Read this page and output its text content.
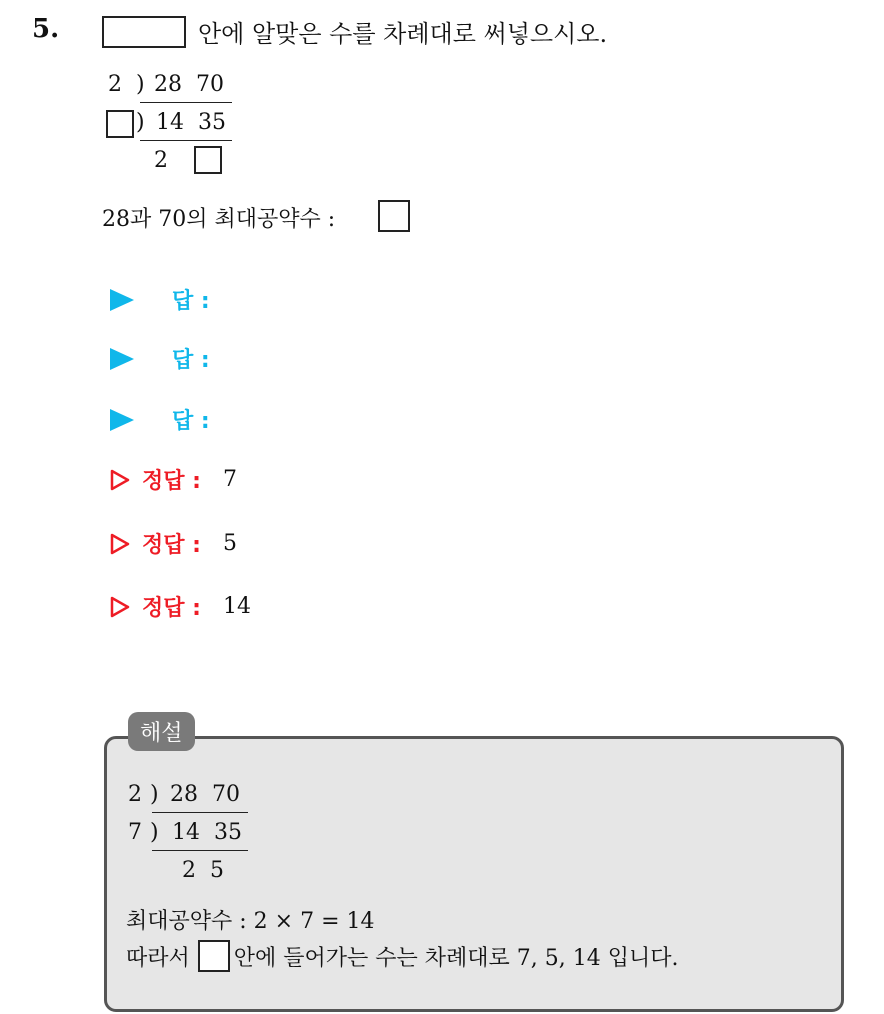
5.	안에 알맞은 수를 차례대로 써넣으시오.
2 ) 28  70
) 14  35
2
28과 70의 최대공약수 :
답 :
답 :
답 :
정답 : 7
정답 : 5
정답 : 14
해설
2 ) 28  70
7 ) 14  35
2  5
최대공약수 : 2 × 7 = 14
따라서 안에 들어가는 수는 차례대로 7, 5, 14 입니다.
